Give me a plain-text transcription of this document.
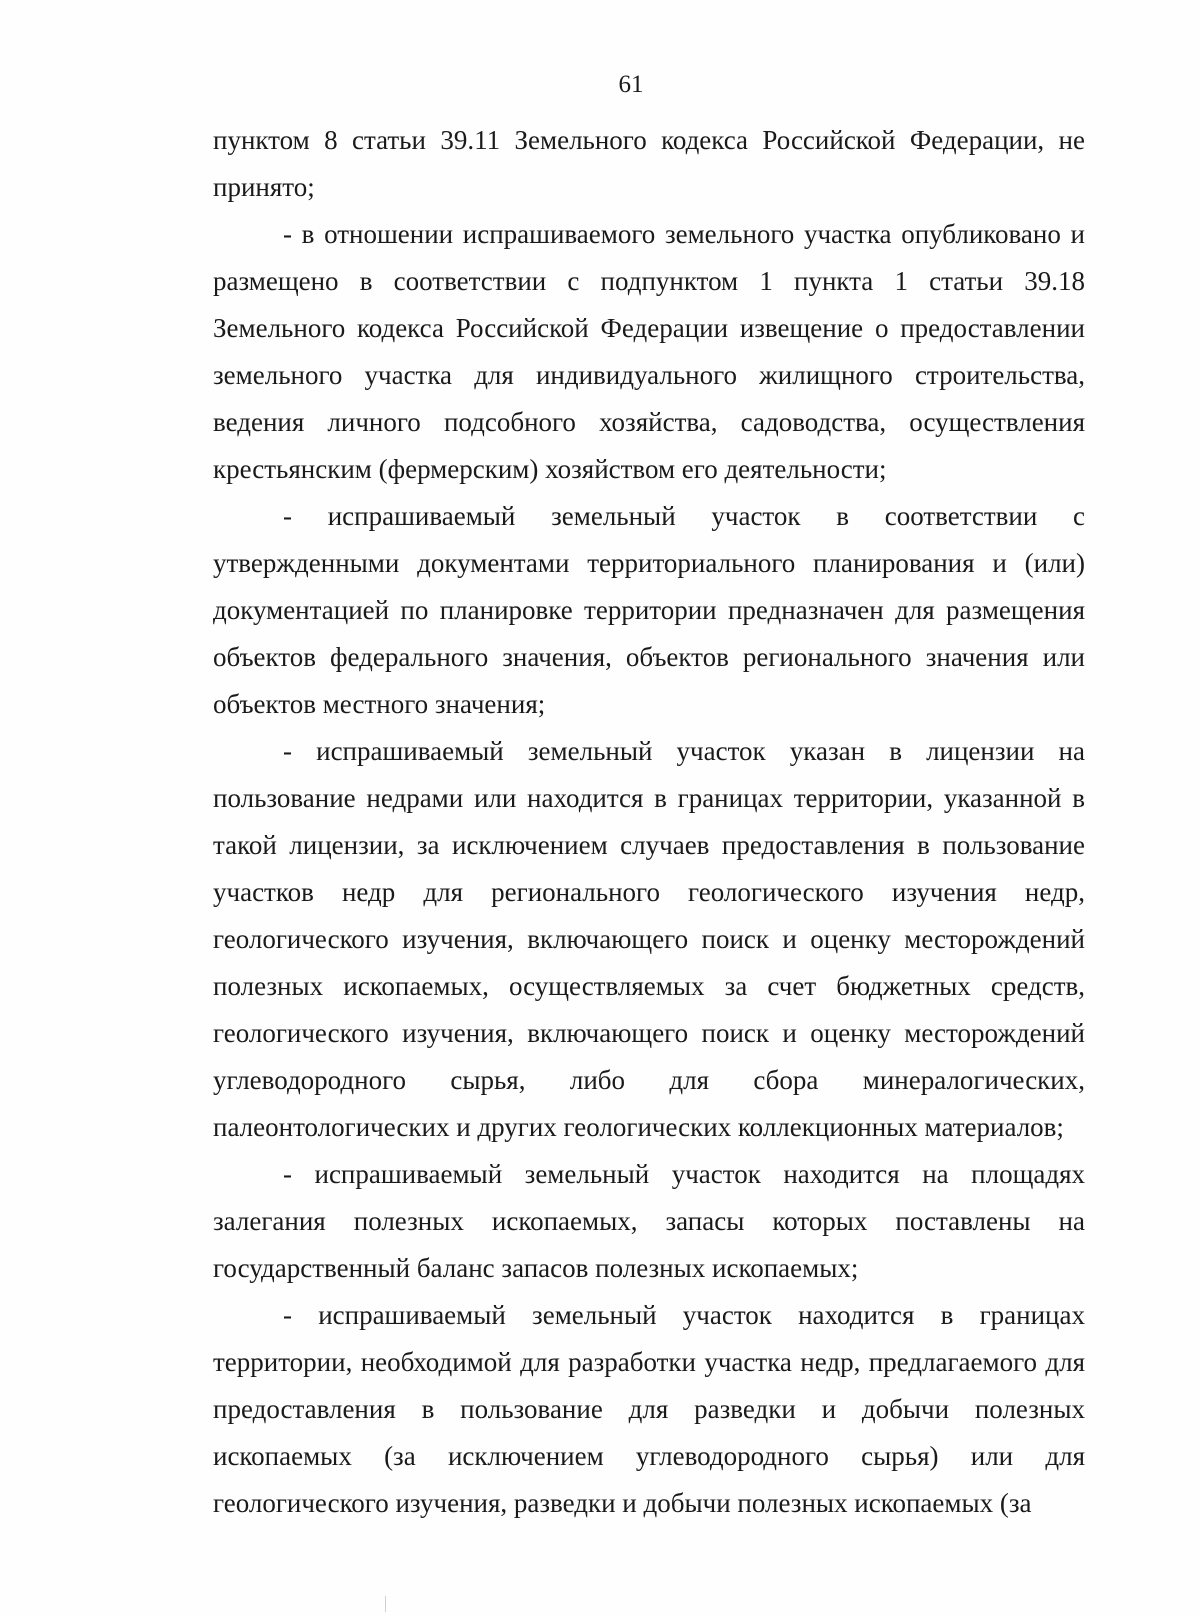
61

пунктом 8 статьи 39.11 Земельного кодекса Российской Федерации, не принято;

- в отношении испрашиваемого земельного участка опубликовано и размещено в соответствии с подпунктом 1 пункта 1 статьи 39.18 Земельного кодекса Российской Федерации извещение о предоставлении земельного участка для индивидуального жилищного строительства, ведения личного подсобного хозяйства, садоводства, осуществления крестьянским (фермерским) хозяйством его деятельности;

- испрашиваемый земельный участок в соответствии с утвержденными документами территориального планирования и (или) документацией по планировке территории предназначен для размещения объектов федерального значения, объектов регионального значения или объектов местного значения;

- испрашиваемый земельный участок указан в лицензии на пользование недрами или находится в границах территории, указанной в такой лицензии, за исключением случаев предоставления в пользование участков недр для регионального геологического изучения недр, геологического изучения, включающего поиск и оценку месторождений полезных ископаемых, осуществляемых за счет бюджетных средств, геологического изучения, включающего поиск и оценку месторождений углеводородного сырья, либо для сбора минералогических, палеонтологических и других геологических коллекционных материалов;

- испрашиваемый земельный участок находится на площадях залегания полезных ископаемых, запасы которых поставлены на государственный баланс запасов полезных ископаемых;

- испрашиваемый земельный участок находится в границах территории, необходимой для разработки участка недр, предлагаемого для предоставления в пользование для разведки и добычи полезных ископаемых (за исключением углеводородного сырья) или для геологического изучения, разведки и добычи полезных ископаемых (за
